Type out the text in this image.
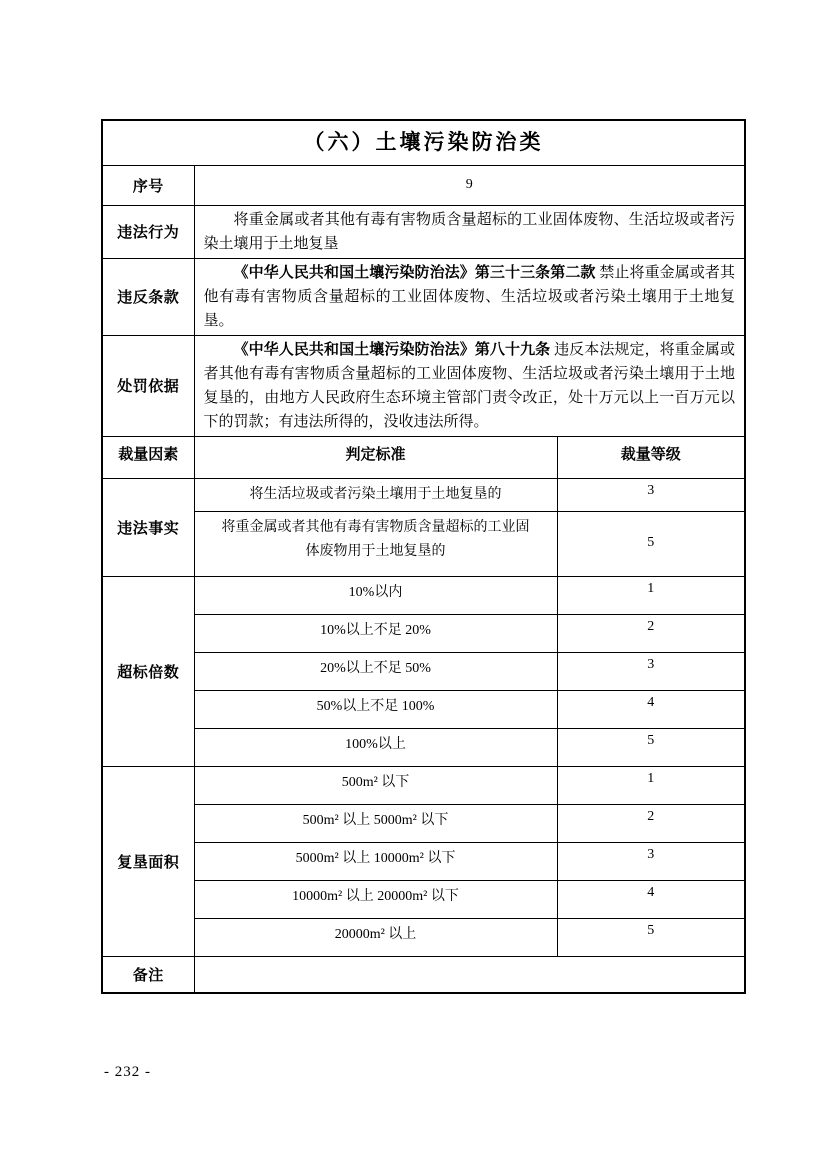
（六）土壤污染防治类		
序号	9	
违法行为	将重金属或者其他有毒有害物质含量超标的工业固体废物、生活垃圾或者污染土壤用于土地复垦	

违反条款	《中华人民共和国土壤污染防治法》第三十三条第二款 禁止将重金属或者其他有毒有害物质含量超标的工业固体废物、生活垃圾或者污染土壤用于土地复垦。	

处罚依据	《中华人民共和国土壤污染防治法》第八十九条 违反本法规定，将重金属或者其他有毒有害物质含量超标的工业固体废物、生活垃圾或者污染土壤用于土地复垦的，由地方人民政府生态环境主管部门责令改正，处十万元以上一百万元以下的罚款；有违法所得的，没收违法所得。	

裁量因素	判定标准	裁量等级
违法事实	将生活垃圾或者污染土壤用于土地复垦的	3
	将重金属或者其他有毒有害物质含量超标的工业固体废物用于土地复垦的	5
超标倍数	10%以内	1
	10%以上不足 20%	2
	20%以上不足 50%	3
	50%以上不足 100%	4
	100%以上	5
复垦面积	500m² 以下	1
	500m² 以上 5000m² 以下	2
	5000m² 以上 10000m² 以下	3
	10000m² 以上 20000m² 以下	4
	20000m² 以上	5
备注		
- 232 -
